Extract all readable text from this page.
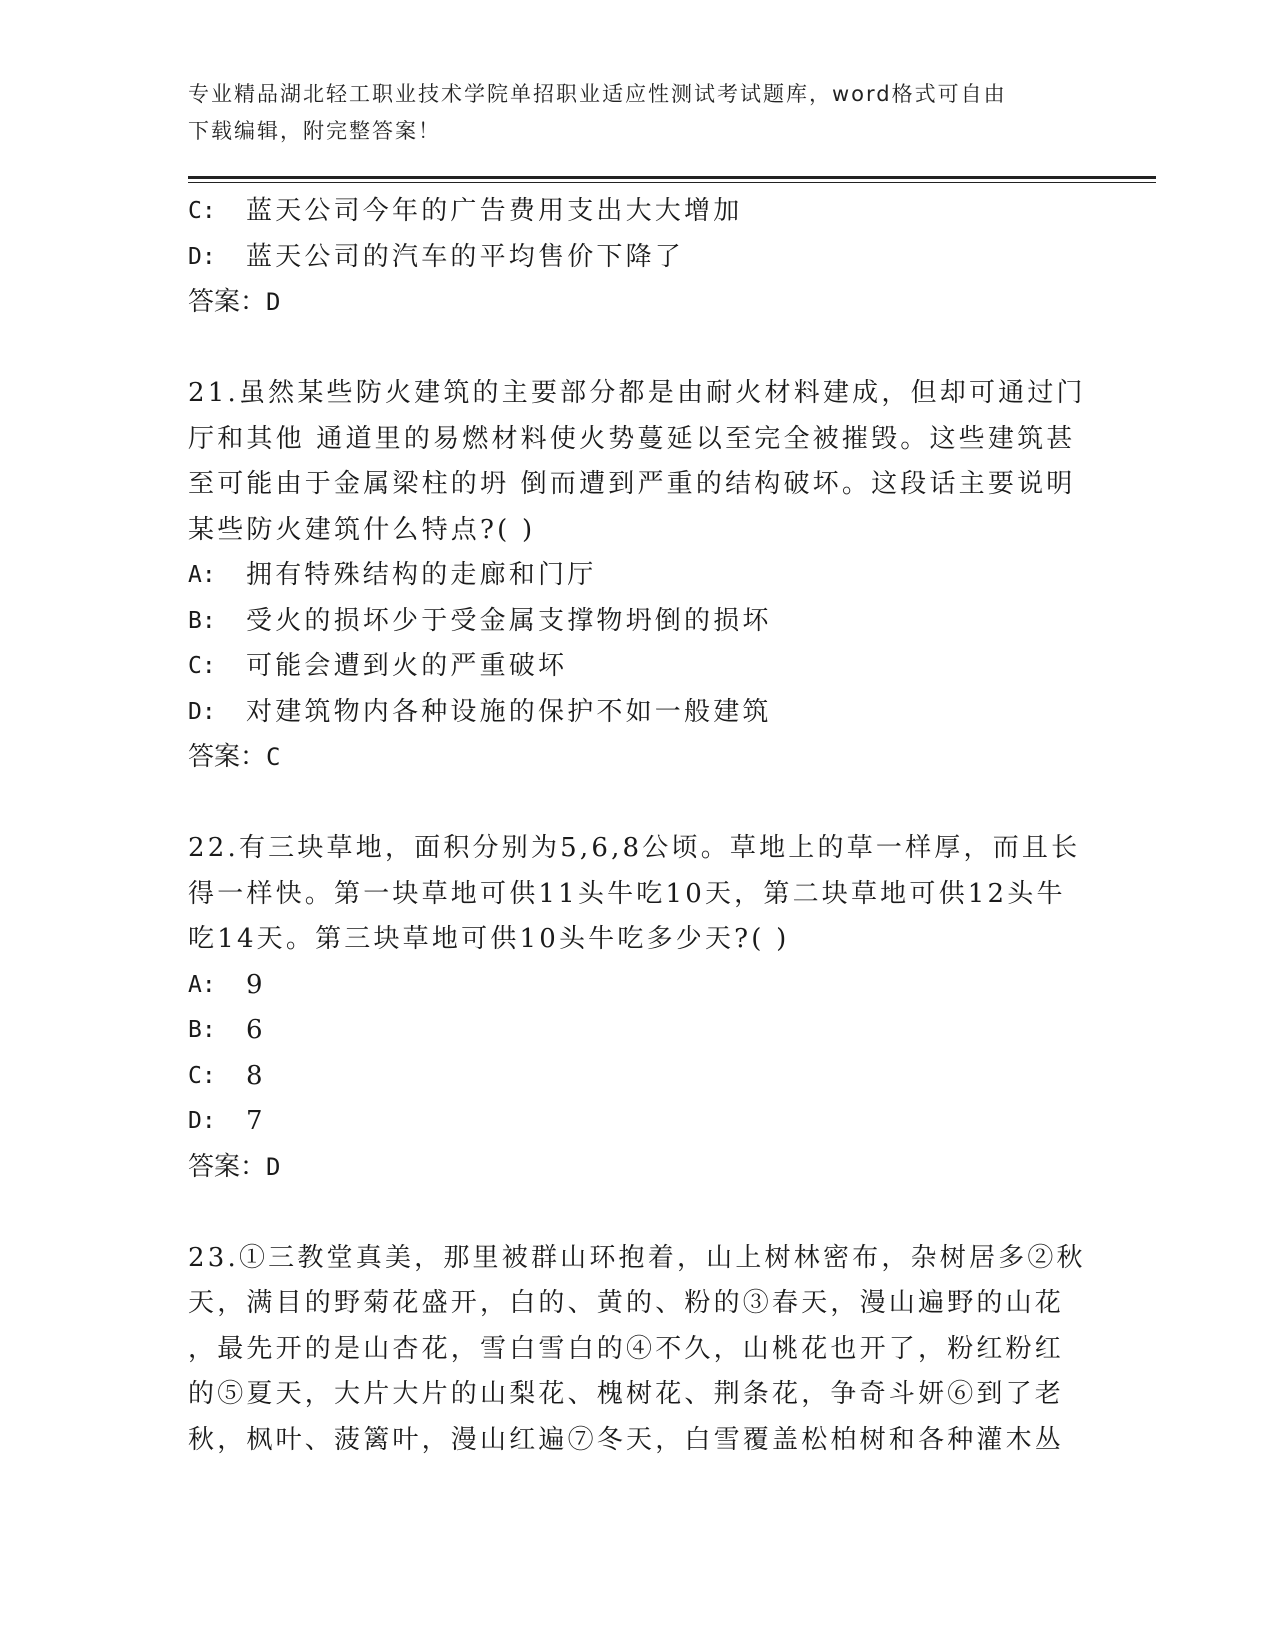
专业精品湖北轻工职业技术学院单招职业适应性测试考试题库，word格式可自由
下载编辑，附完整答案！
C:	蓝天公司今年的广告费用支出大大增加
D:	蓝天公司的汽车的平均售价下降了
答案：D
21.虽然某些防火建筑的主要部分都是由耐火材料建成，但却可通过门
厅和其他 通道里的易燃材料使火势蔓延以至完全被摧毁。这些建筑甚
至可能由于金属梁柱的坍 倒而遭到严重的结构破坏。这段话主要说明
某些防火建筑什么特点?( )
A:	拥有特殊结构的走廊和门厅
B:	受火的损坏少于受金属支撑物坍倒的损坏
C:	可能会遭到火的严重破坏
D:	对建筑物内各种设施的保护不如一般建筑
答案：C
22.有三块草地，面积分别为5,6,8公顷。草地上的草一样厚，而且长
得一样快。第一块草地可供11头牛吃10天，第二块草地可供12头牛
吃14天。第三块草地可供10头牛吃多少天?( )
A:	9
B:	6
C:	8
D:	7
答案：D
23.①三教堂真美，那里被群山环抱着，山上树林密布，杂树居多②秋
天，满目的野菊花盛开，白的、黄的、粉的③春天，漫山遍野的山花
，最先开的是山杏花，雪白雪白的④不久，山桃花也开了，粉红粉红
的⑤夏天，大片大片的山梨花、槐树花、荆条花，争奇斗妍⑥到了老
秋，枫叶、菠篱叶，漫山红遍⑦冬天，白雪覆盖松柏树和各种灌木丛
